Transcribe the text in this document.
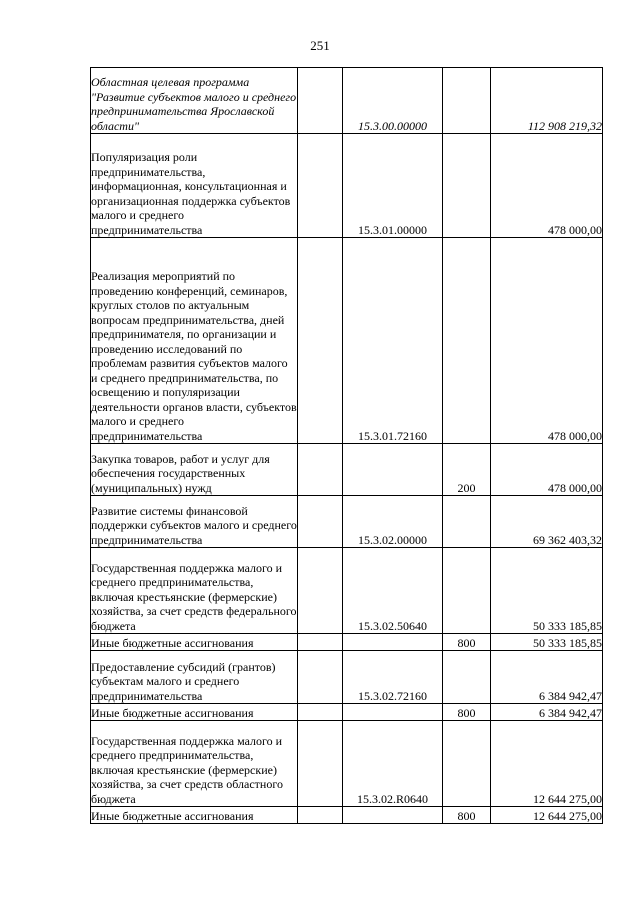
251
Областная целевая программа "Развитие субъектов малого и среднего предпринимательства Ярославской области"		15.3.00.00000		112 908 219,32
Популяризация роли предпринимательства, информационная, консультационная и организационная поддержка субъектов малого и среднего предпринимательства		15.3.01.00000		478 000,00
Реализация мероприятий по проведению конференций, семинаров, круглых столов по актуальным вопросам предпринимательства, дней предпринимателя, по организации и проведению исследований по проблемам развития субъектов малого и среднего предпринимательства, по освещению и популяризации деятельности органов власти, субъектов малого и среднего предпринимательства		15.3.01.72160		478 000,00
Закупка товаров, работ и услуг для обеспечения государственных (муниципальных) нужд			200	478 000,00
Развитие системы финансовой поддержки субъектов малого и среднего предпринимательства		15.3.02.00000		69 362 403,32
Государственная поддержка малого и среднего предпринимательства, включая крестьянские (фермерские) хозяйства, за счет средств федерального бюджета		15.3.02.50640		50 333 185,85
Иные бюджетные ассигнования			800	50 333 185,85
Предоставление субсидий (грантов) субъектам малого и среднего предпринимательства		15.3.02.72160		6 384 942,47
Иные бюджетные ассигнования			800	6 384 942,47
Государственная поддержка малого и среднего предпринимательства, включая крестьянские (фермерские) хозяйства, за счет средств областного бюджета		15.3.02.R0640		12 644 275,00
Иные бюджетные ассигнования			800	12 644 275,00
